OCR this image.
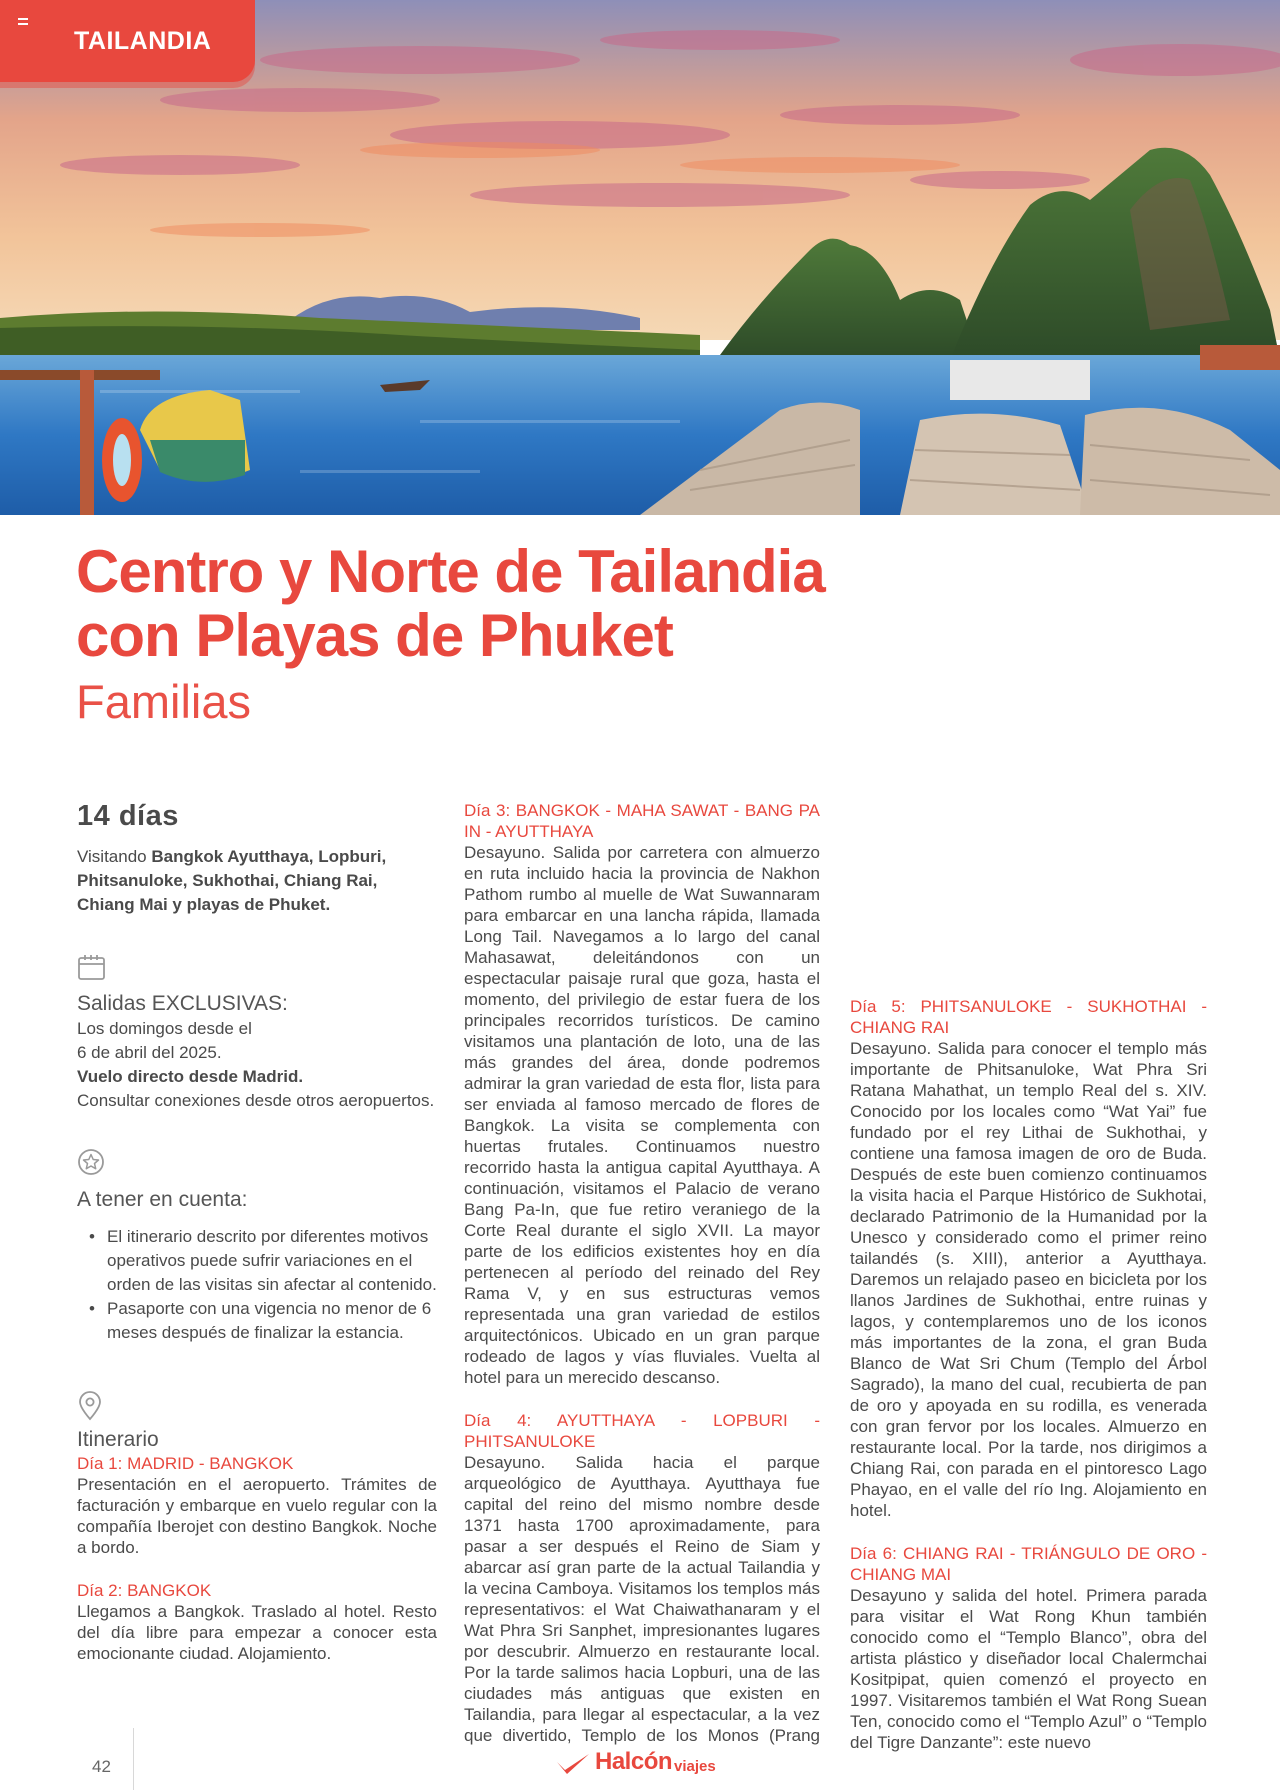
TAILANDIA
Centro y Norte de Tailandia
con Playas de Phuket
Familias
14 días
Visitando Bangkok Ayutthaya, Lopburi, Phitsanuloke, Sukhothai, Chiang Rai, Chiang Mai y playas de Phuket.
Salidas EXCLUSIVAS:
Los domingos desde el
6 de abril del 2025.
Vuelo directo desde Madrid.
Consultar conexiones desde otros aeropuertos.
A tener en cuenta:
• El itinerario descrito por diferentes motivos operativos puede sufrir variaciones en el orden de las visitas sin afectar al contenido.
• Pasaporte con una vigencia no menor de 6 meses después de finalizar la estancia.
Itinerario
Día 1: MADRID - BANGKOK
Presentación en el aeropuerto. Trámites de facturación y embarque en vuelo regular con la compañía Iberojet con destino Bangkok. Noche a bordo.
Día 2: BANGKOK
Llegamos a Bangkok. Traslado al hotel. Resto del día libre para empezar a conocer esta emocionante ciudad. Alojamiento.
Día 3: BANGKOK - MAHA SAWAT - BANG PA IN - AYUTTHAYA
Desayuno. Salida por carretera con almuerzo en ruta incluido hacia la provincia de Nakhon Pathom rumbo al muelle de Wat Suwannaram para embarcar en una lancha rápida, llamada Long Tail. Navegamos a lo largo del canal Mahasawat, deleitándonos con un espectacular paisaje rural que goza, hasta el momento, del privilegio de estar fuera de los principales recorridos turísticos. De camino visitamos una plantación de loto, una de las más grandes del área, donde podremos admirar la gran variedad de esta flor, lista para ser enviada al famoso mercado de flores de Bangkok. La visita se complementa con huertas frutales. Continuamos nuestro recorrido hasta la antigua capital Ayutthaya. A continuación, visitamos el Palacio de verano Bang Pa-In, que fue retiro veraniego de la Corte Real durante el siglo XVII. La mayor parte de los edificios existentes hoy en día pertenecen al período del reinado del Rey Rama V, y en sus estructuras vemos representada una gran variedad de estilos arquitectónicos. Ubicado en un gran parque rodeado de lagos y vías fluviales. Vuelta al hotel para un merecido descanso.
Día 4: AYUTTHAYA - LOPBURI - PHITSANULOKE
Desayuno. Salida hacia el parque arqueológico de Ayutthaya. Ayutthaya fue capital del reino del mismo nombre desde 1371 hasta 1700 aproximadamente, para pasar a ser después el Reino de Siam y abarcar así gran parte de la actual Tailandia y la vecina Camboya. Visitamos los templos más representativos: el Wat Chaiwathanaram y el Wat Phra Sri Sanphet, impresionantes lugares por descubrir. Almuerzo en restaurante local. Por la tarde salimos hacia Lopburi, una de las ciudades más antiguas que existen en Tailandia, para llegar al espectacular, a la vez que divertido, Templo de los Monos (Prang
Día 5: PHITSANULOKE - SUKHOTHAI - CHIANG RAI
Desayuno. Salida para conocer el templo más importante de Phitsanuloke, Wat Phra Sri Ratana Mahathat, un templo Real del s. XIV. Conocido por los locales como “Wat Yai” fue fundado por el rey Lithai de Sukhothai, y contiene una famosa imagen de oro de Buda. Después de este buen comienzo continuamos la visita hacia el Parque Histórico de Sukhotai, declarado Patrimonio de la Humanidad por la Unesco y considerado como el primer reino tailandés (s. XIII), anterior a Ayutthaya. Daremos un relajado paseo en bicicleta por los llanos Jardines de Sukhothai, entre ruinas y lagos, y contemplaremos uno de los iconos más importantes de la zona, el gran Buda Blanco de Wat Sri Chum (Templo del Árbol Sagrado), la mano del cual, recubierta de pan de oro y apoyada en su rodilla, es venerada con gran fervor por los locales. Almuerzo en restaurante local. Por la tarde, nos dirigimos a Chiang Rai, con parada en el pintoresco Lago Phayao, en el valle del río Ing. Alojamiento en hotel.
Día 6: CHIANG RAI - TRIÁNGULO DE ORO - CHIANG MAI
Desayuno y salida del hotel. Primera parada para visitar el Wat Rong Khun también conocido como el “Templo Blanco”, obra del artista plástico y diseñador local Chalermchai Kositpipat, quien comenzó el proyecto en 1997. Visitaremos también el Wat Rong Suean Ten, conocido como el “Templo Azul” o “Templo del Tigre Danzante”: este nuevo
42	Halcón viajes
